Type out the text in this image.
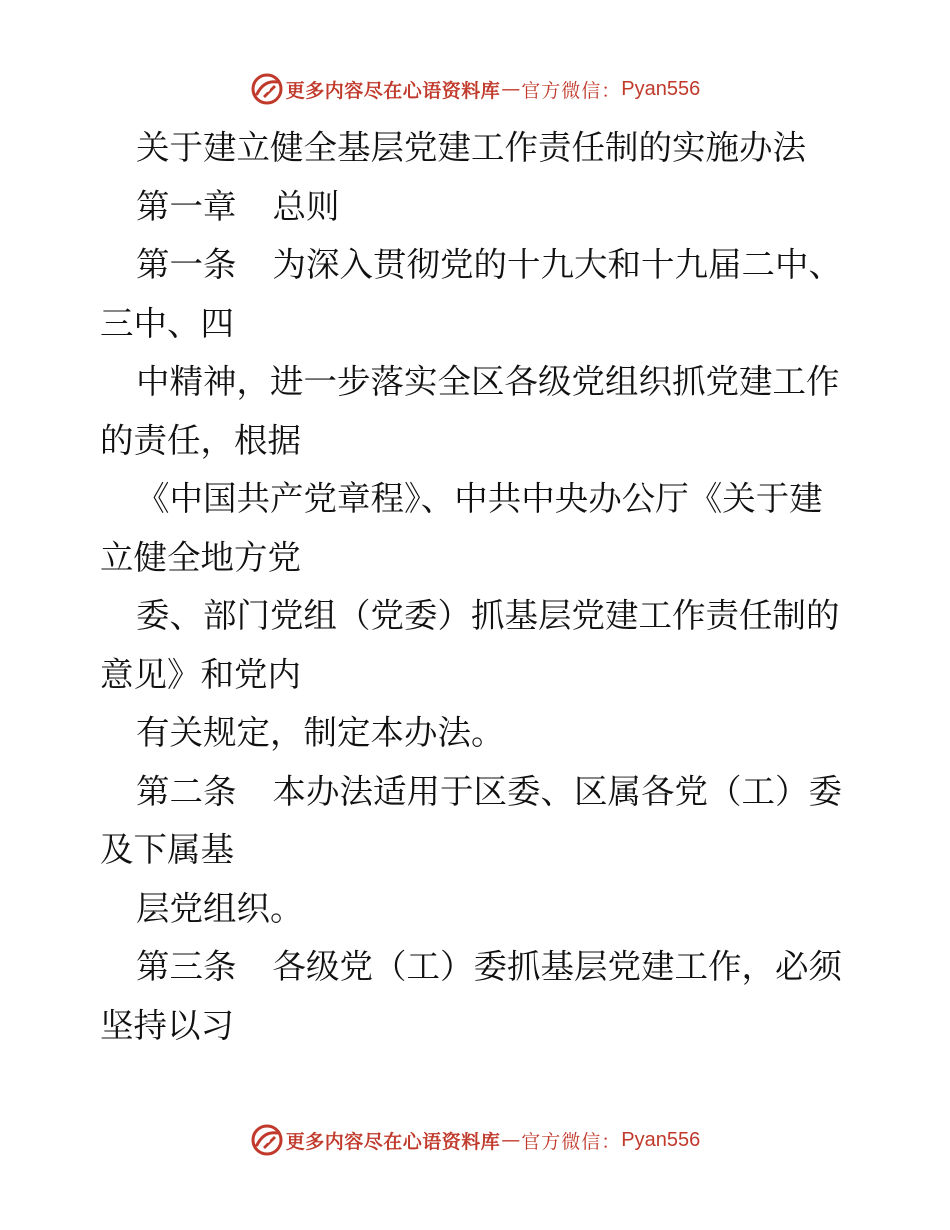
更多内容尽在心语资料库 — 官方微信： Pyan556
关于建立健全基层党建工作责任制的实施办法
第一章 总则
第一条 为深入贯彻党的十九大和十九届二中、
三中、四
中精神，进一步落实全区各级党组织抓党建工作
的责任，根据
《中国共产党章程》、中共中央办公厅《关于建
立健全地方党
委、部门党组（党委）抓基层党建工作责任制的
意见》和党内
有关规定，制定本办法。
第二条 本办法适用于区委、区属各党（工）委
及下属基
层党组织。
第三条 各级党（工）委抓基层党建工作，必须
坚持以习
更多内容尽在心语资料库 — 官方微信： Pyan556
